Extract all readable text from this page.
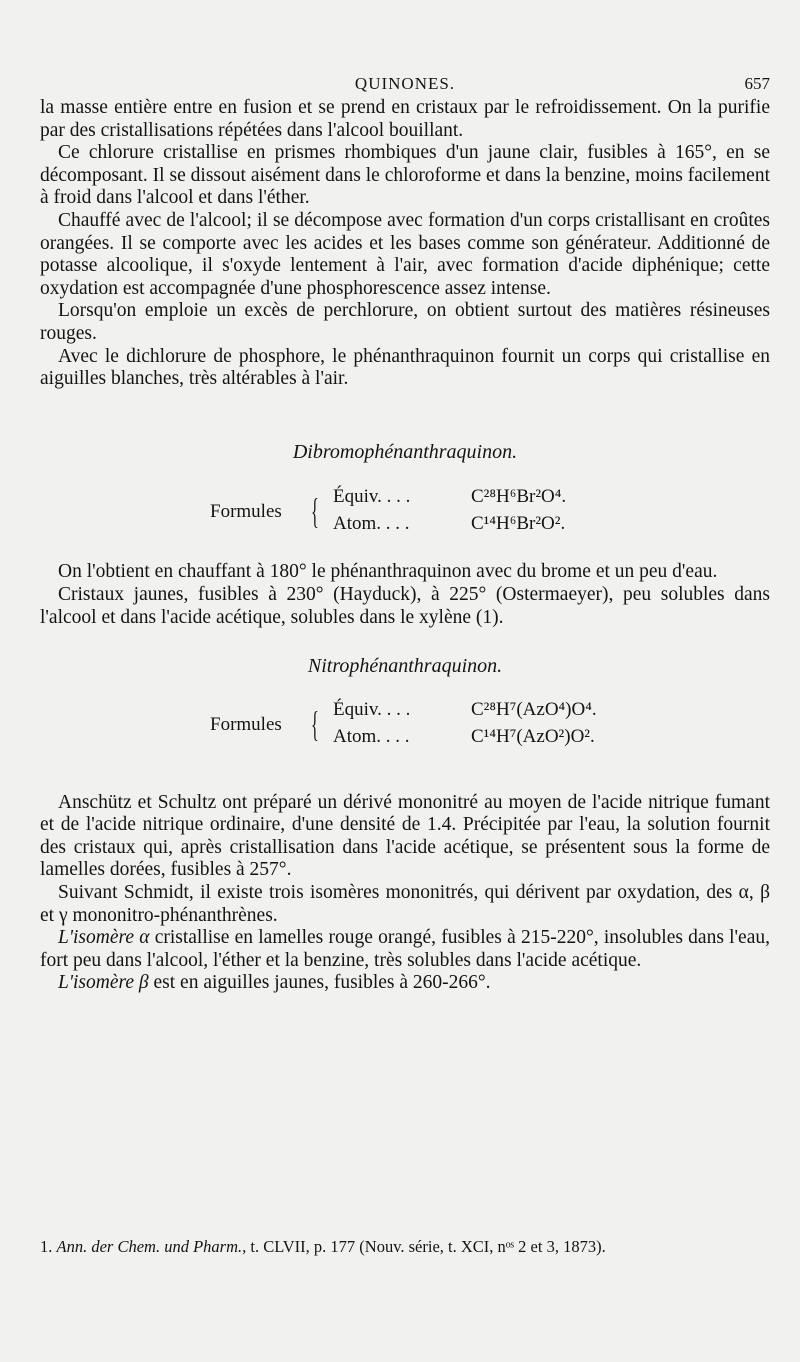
QUINONES.	657

la masse entière entre en fusion et se prend en cristaux par le refroidissement. On la purifie par des cristallisations répétées dans l'alcool bouillant.

Ce chlorure cristallise en prismes rhombiques d'un jaune clair, fusibles à 165°, en se décomposant. Il se dissout aisément dans le chloroforme et dans la benzine, moins facilement à froid dans l'alcool et dans l'éther.

Chauffé avec de l'alcool; il se décompose avec formation d'un corps cristallisant en croûtes orangées. Il se comporte avec les acides et les bases comme son générateur. Additionné de potasse alcoolique, il s'oxyde lentement à l'air, avec formation d'acide diphénique; cette oxydation est accompagnée d'une phosphorescence assez intense.

Lorsqu'on emploie un excès de perchlorure, on obtient surtout des matières résineuses rouges.

Avec le dichlorure de phosphore, le phénanthraquinon fournit un corps qui cristallise en aiguilles blanches, très altérables à l'air.

Dibromophénanthraquinon.
Formules { Équiv. . . .	C²⁸H⁶Br²O⁴.
Atom. . . .	C¹⁴H⁶Br²O².

On l'obtient en chauffant à 180° le phénanthraquinon avec du brome et un peu d'eau.

Cristaux jaunes, fusibles à 230° (Hayduck), à 225° (Ostermaeyer), peu solubles dans l'alcool et dans l'acide acétique, solubles dans le xylène (1).

Nitrophénanthraquinon.
Formules { Équiv. . . .	C²⁸H⁷(AzO⁴)O⁴.
Atom. . . .	C¹⁴H⁷(AzO²)O².

Anschütz et Schultz ont préparé un dérivé mononitré au moyen de l'acide nitrique fumant et de l'acide nitrique ordinaire, d'une densité de 1.4. Précipitée par l'eau, la solution fournit des cristaux qui, après cristallisation dans l'acide acétique, se présentent sous la forme de lamelles dorées, fusibles à 257°.

Suivant Schmidt, il existe trois isomères mononitrés, qui dérivent par oxydation, des α, β et γ mononitro-phénanthrènes.

L'isomère α cristallise en lamelles rouge orangé, fusibles à 215-220°, insolubles dans l'eau, fort peu dans l'alcool, l'éther et la benzine, très solubles dans l'acide acétique.

L'isomère β est en aiguilles jaunes, fusibles à 260-266°.

1. Ann. der Chem. und Pharm., t. CLVII, p. 177 (Nouv. série, t. XCI, nᵒˢ 2 et 3, 1873).
